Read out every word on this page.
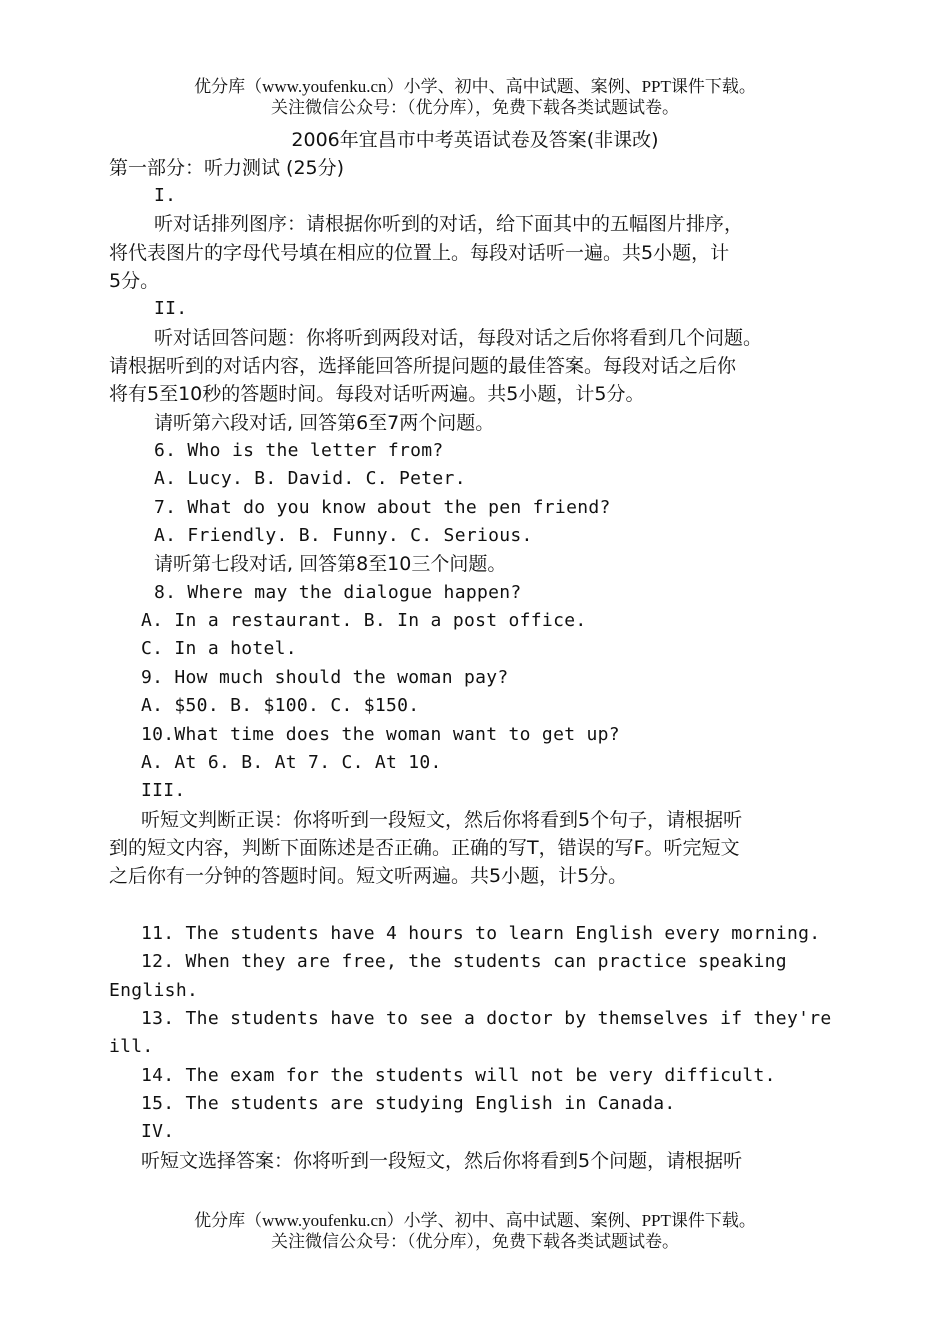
优分库（www.youfenku.cn）小学、初中、高中试题、案例、PPT课件下载。
关注微信公众号：（优分库），免费下载各类试题试卷。
2006年宜昌市中考英语试卷及答案(非课改)
第一部分：听力测试 (25分)
I.
听对话排列图序：请根据你听到的对话，给下面其中的五幅图片排序，
将代表图片的字母代号填在相应的位置上。每段对话听一遍。共5小题，计
5分。
II.
听对话回答问题：你将听到两段对话，每段对话之后你将看到几个问题。
请根据听到的对话内容，选择能回答所提问题的最佳答案。每段对话之后你
将有5至10秒的答题时间。每段对话听两遍。共5小题，计5分。
请听第六段对话, 回答第6至7两个问题。
6. Who is the letter from?
A. Lucy. B. David. C. Peter.
7. What do you know about the pen friend?
A. Friendly. B. Funny. C. Serious.
请听第七段对话, 回答第8至10三个问题。
8. Where may the dialogue happen?
A. In a restaurant. B. In a post office.
C. In a hotel.
9. How much should the woman pay?
A. $50. B. $100. C. $150.
10.What time does the woman want to get up?
A. At 6. B. At 7. C. At 10.
III.
听短文判断正误：你将听到一段短文，然后你将看到5个句子，请根据听
到的短文内容，判断下面陈述是否正确。正确的写T，错误的写F。听完短文
之后你有一分钟的答题时间。短文听两遍。共5小题，计5分。
11. The students have 4 hours to learn English every morning.
12. When they are free, the students can practice speaking
English.
13. The students have to see a doctor by themselves if they're
ill.
14. The exam for the students will not be very difficult.
15. The students are studying English in Canada.
IV.
听短文选择答案：你将听到一段短文，然后你将看到5个问题，请根据听
优分库（www.youfenku.cn）小学、初中、高中试题、案例、PPT课件下载。
关注微信公众号：（优分库），免费下载各类试题试卷。
